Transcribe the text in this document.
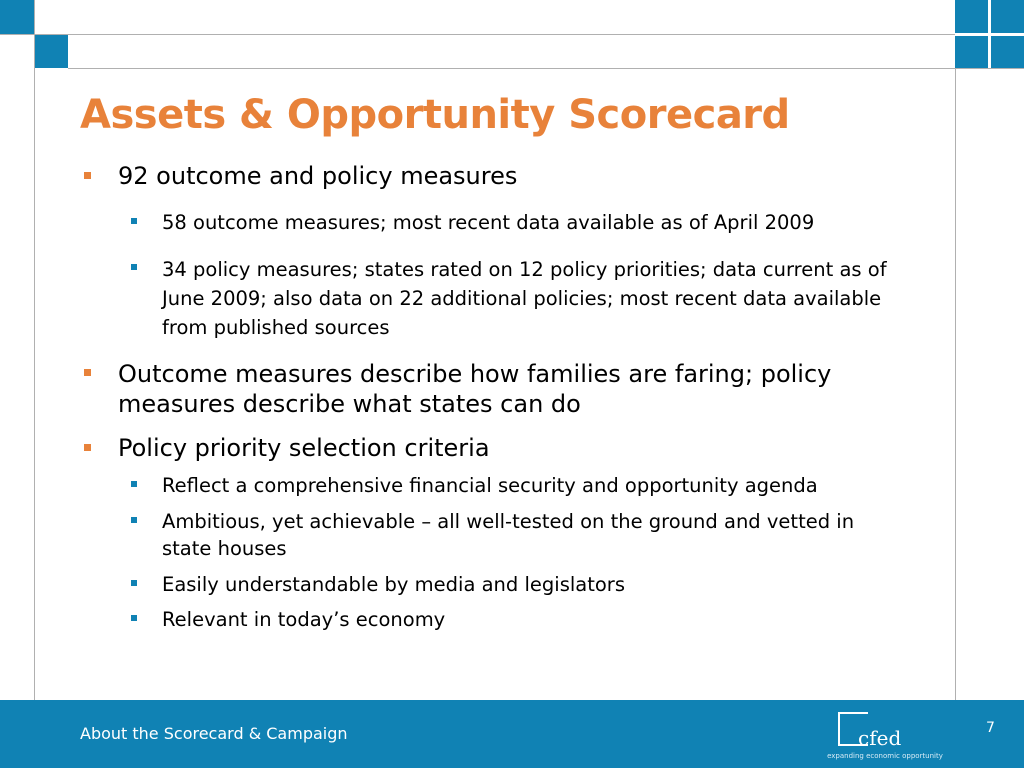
Assets & Opportunity Scorecard
92 outcome and policy measures
58 outcome measures; most recent data available as of April 2009
34 policy measures; states rated on 12 policy priorities; data current as of June 2009; also data on 22 additional policies; most recent data available from published sources
Outcome measures describe how families are faring; policy measures describe what states can do
Policy priority selection criteria
Reflect a comprehensive financial security and opportunity agenda
Ambitious, yet achievable – all well-tested on the ground and vetted in state houses
Easily understandable by media and legislators
Relevant in today’s economy
About the Scorecard & Campaign	cfed
expanding economic opportunity
7
